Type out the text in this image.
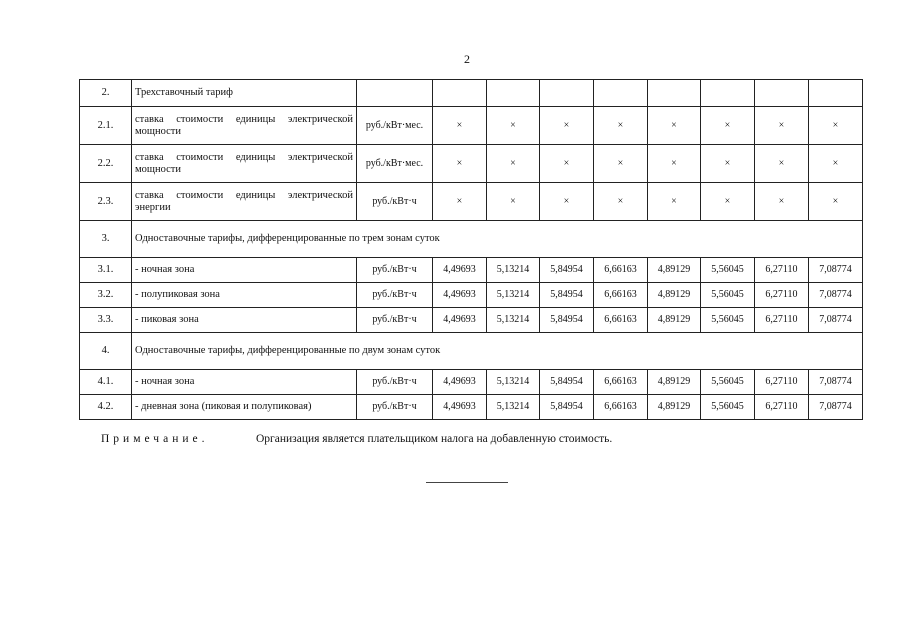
2
2.	Трехставочный тариф									
2.1.	ставка стоимости единицы электрической мощности	руб./кВт·мес.	×	×	×	×	×	×	×	×
2.2.	ставка стоимости единицы электрической мощности	руб./кВт·мес.	×	×	×	×	×	×	×	×
2.3.	ставка стоимости единицы электрической энергии	руб./кВт·ч	×	×	×	×	×	×	×	×
3.	Одноставочные тарифы, дифференцированные по трем зонам суток									
3.1.	- ночная зона	руб./кВт·ч	4,49693	5,13214	5,84954	6,66163	4,89129	5,56045	6,27110	7,08774
3.2.	- полупиковая зона	руб./кВт·ч	4,49693	5,13214	5,84954	6,66163	4,89129	5,56045	6,27110	7,08774
3.3.	- пиковая зона	руб./кВт·ч	4,49693	5,13214	5,84954	6,66163	4,89129	5,56045	6,27110	7,08774
4.	Одноставочные тарифы, дифференцированные по двум зонам суток									
4.1.	- ночная зона	руб./кВт·ч	4,49693	5,13214	5,84954	6,66163	4,89129	5,56045	6,27110	7,08774
4.2.	- дневная зона (пиковая и полупиковая)	руб./кВт·ч	4,49693	5,13214	5,84954	6,66163	4,89129	5,56045	6,27110	7,08774
Примечание.	Организация является плательщиком налога на добавленную стоимость.
